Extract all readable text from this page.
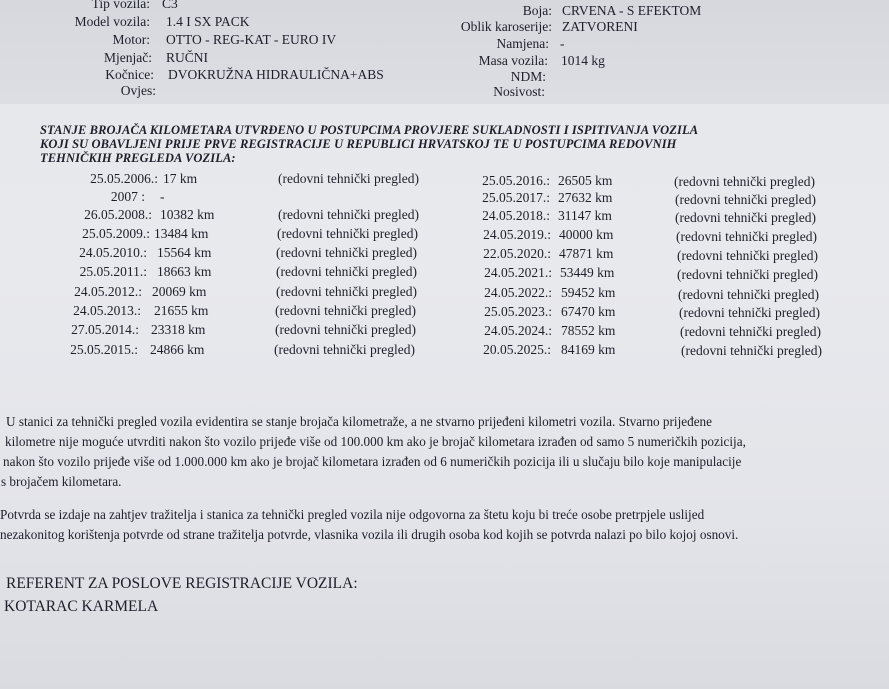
Tip vozila: C3
Model vozila: 1.4 I SX PACK
Motor: OTTO - REG-KAT - EURO IV
Mjenjač: RUČNI
Kočnice: DVOKRUŽNA HIDRAULIČNA+ABS
Ovjes:
Boja: CRVENA - S EFEKTOM
Oblik karoserije: ZATVORENI
Namjena: -
Masa vozila: 1014 kg
NDM:
Nosivost:
STANJE BROJAČA KILOMETARA UTVRĐENO U POSTUPCIMA PROVJERE SUKLADNOSTI I ISPITIVANJA VOZILA
KOJI SU OBAVLJENI PRIJE PRVE REGISTRACIJE U REPUBLICI HRVATSKOJ TE U POSTUPCIMA REDOVNIH
TEHNIČKIH PREGLEDA VOZILA:
25.05.2006.: 17 km	(redovni tehnički pregled)
2007 : -
26.05.2008.: 10382 km	(redovni tehnički pregled)
25.05.2009.: 13484 km	(redovni tehnički pregled)
24.05.2010.: 15564 km	(redovni tehnički pregled)
25.05.2011.: 18663 km	(redovni tehnički pregled)
24.05.2012.: 20069 km	(redovni tehnički pregled)
24.05.2013.: 21655 km	(redovni tehnički pregled)
27.05.2014.: 23318 km	(redovni tehnički pregled)
25.05.2015.: 24866 km	(redovni tehnički pregled)
25.05.2016.: 26505 km	(redovni tehnički pregled)
25.05.2017.: 27632 km	(redovni tehnički pregled)
24.05.2018.: 31147 km	(redovni tehnički pregled)
24.05.2019.: 40000 km	(redovni tehnički pregled)
22.05.2020.: 47871 km	(redovni tehnički pregled)
24.05.2021.: 53449 km	(redovni tehnički pregled)
24.05.2022.: 59452 km	(redovni tehnički pregled)
25.05.2023.: 67470 km	(redovni tehnički pregled)
24.05.2024.: 78552 km	(redovni tehnički pregled)
20.05.2025.: 84169 km	(redovni tehnički pregled)
U stanici za tehnički pregled vozila evidentira se stanje brojača kilometraže, a ne stvarno prijeđeni kilometri vozila. Stvarno prijeđene
kilometre nije moguće utvrditi nakon što vozilo prijeđe više od 100.000 km ako je brojač kilometara izrađen od samo 5 numeričkih pozicija,
nakon što vozilo prijeđe više od 1.000.000 km ako je brojač kilometara izrađen od 6 numeričkih pozicija ili u slučaju bilo koje manipulacije
s brojačem kilometara.
Potvrda se izdaje na zahtjev tražitelja i stanica za tehnički pregled vozila nije odgovorna za štetu koju bi treće osobe pretrpjele uslijed
nezakonitog korištenja potvrde od strane tražitelja potvrde, vlasnika vozila ili drugih osoba kod kojih se potvrda nalazi po bilo kojoj osnovi.
REFERENT ZA POSLOVE REGISTRACIJE VOZILA:
KOTARAC KARMELA
